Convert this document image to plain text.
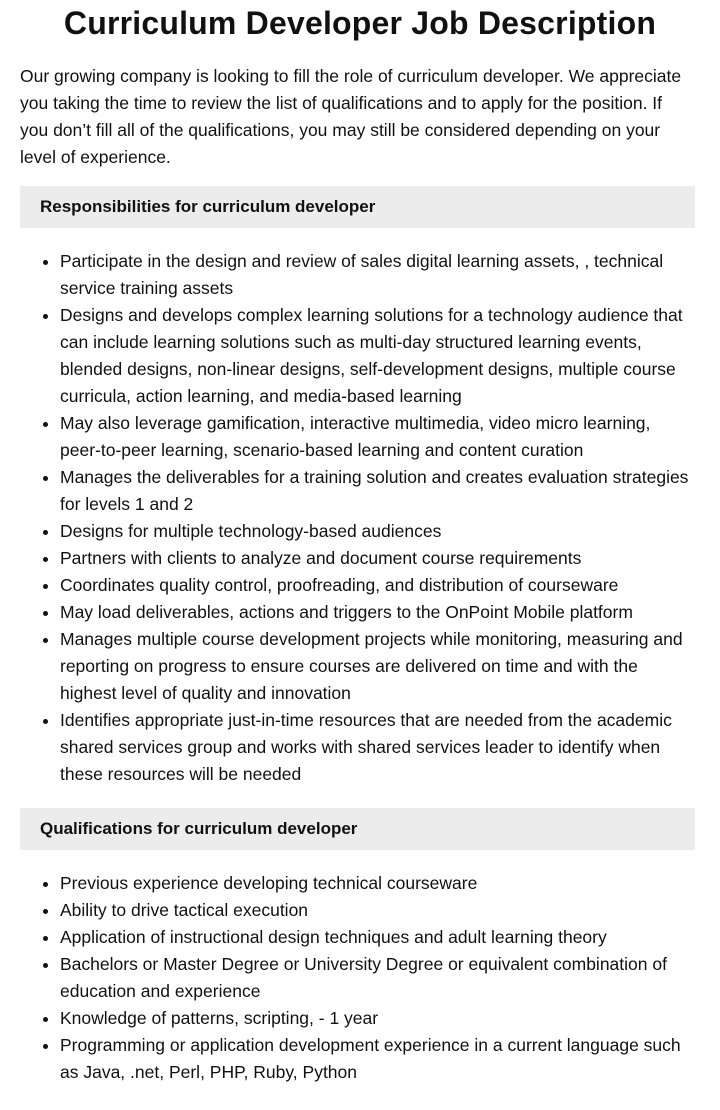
Curriculum Developer Job Description

Our growing company is looking to fill the role of curriculum developer. We appreciate you taking the time to review the list of qualifications and to apply for the position. If you don’t fill all of the qualifications, you may still be considered depending on your level of experience.

Responsibilities for curriculum developer
• Participate in the design and review of sales digital learning assets, , technical service training assets
• Designs and develops complex learning solutions for a technology audience that can include learning solutions such as multi-day structured learning events, blended designs, non-linear designs, self-development designs, multiple course curricula, action learning, and media-based learning
• May also leverage gamification, interactive multimedia, video micro learning, peer-to-peer learning, scenario-based learning and content curation
• Manages the deliverables for a training solution and creates evaluation strategies for levels 1 and 2
• Designs for multiple technology-based audiences
• Partners with clients to analyze and document course requirements
• Coordinates quality control, proofreading, and distribution of courseware
• May load deliverables, actions and triggers to the OnPoint Mobile platform
• Manages multiple course development projects while monitoring, measuring and reporting on progress to ensure courses are delivered on time and with the highest level of quality and innovation
• Identifies appropriate just-in-time resources that are needed from the academic shared services group and works with shared services leader to identify when these resources will be needed
Qualifications for curriculum developer
• Previous experience developing technical courseware
• Ability to drive tactical execution
• Application of instructional design techniques and adult learning theory
• Bachelors or Master Degree or University Degree or equivalent combination of education and experience
• Knowledge of patterns, scripting, - 1 year
• Programming or application development experience in a current language such as Java, .net, Perl, PHP, Ruby, Python
